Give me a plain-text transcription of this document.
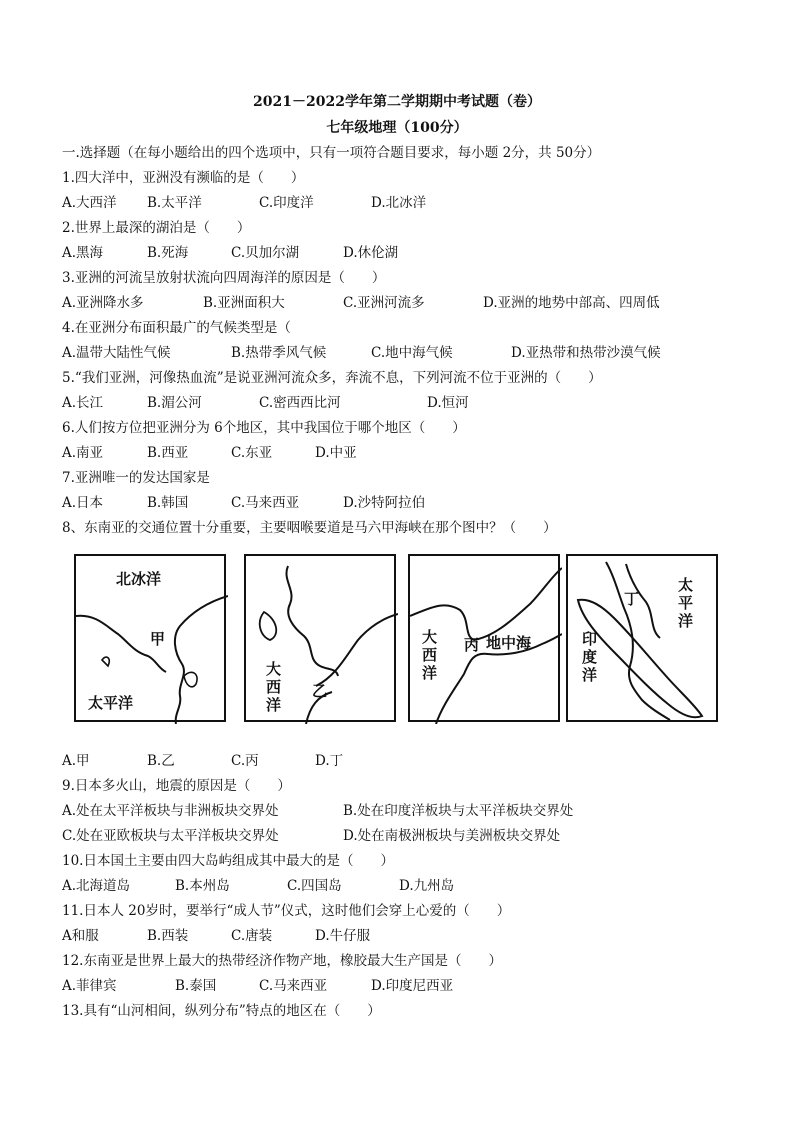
2021－2022学年第二学期期中考试题（卷）
七年级地理（100分）
一.选择题（在每小题给出的四个选项中，只有一项符合题目要求，每小题 2分，共 50分）
1.四大洋中，亚洲没有濒临的是（　　）
A.大西洋 B.太平洋	C.印度洋	D.北冰洋
2.世界上最深的湖泊是（　　）
A.黑海	B.死海	C.贝加尔湖	D.休伦湖
3.亚洲的河流呈放射状流向四周海洋的原因是（　　）
A.亚洲降水多	B.亚洲面积大	C.亚洲河流多	D.亚洲的地势中部高、四周低
4.在亚洲分布面积最广的气候类型是（
A.温带大陆性气候	B.热带季风气候	C.地中海气候	D.亚热带和热带沙漠气候
5.“我们亚洲，河像热血流”是说亚洲河流众多，奔流不息，下列河流不位于亚洲的（　　）
A.长江	B.湄公河	C.密西西比河	D.恒河
6.人们按方位把亚洲分为 6个地区，其中我国位于哪个地区（　　）
A.南亚	B.西亚	C.东亚	D.中亚
7.亚洲唯一的发达国家是
A.日本	B.韩国	C.马来西亚	D.沙特阿拉伯
8、东南亚的交通位置十分重要，主要咽喉要道是马六甲海峡在那个图中？（　　）
北冰洋
甲
太平洋
大西洋
乙
大西洋
丙 地中海
太平洋
丁
印度洋
A.甲	B.乙	C.丙	D.丁
9.日本多火山，地震的原因是（　　）
A.处在太平洋板块与非洲板块交界处	B.处在印度洋板块与太平洋板块交界处
C.处在亚欧板块与太平洋板块交界处	D.处在南极洲板块与美洲板块交界处
10.日本国土主要由四大岛屿组成其中最大的是（　　）
A.北海道岛	B.本州岛	C.四国岛	D.九州岛
11.日本人 20岁时，要举行“成人节”仪式，这时他们会穿上心爱的（　　）
A和服	B.西装	C.唐装	D.牛仔服
12.东南亚是世界上最大的热带经济作物产地，橡胶最大生产国是（　　）
A.菲律宾	B.泰国	C.马来西亚	D.印度尼西亚
13.具有“山河相间，纵列分布”特点的地区在（　　）
